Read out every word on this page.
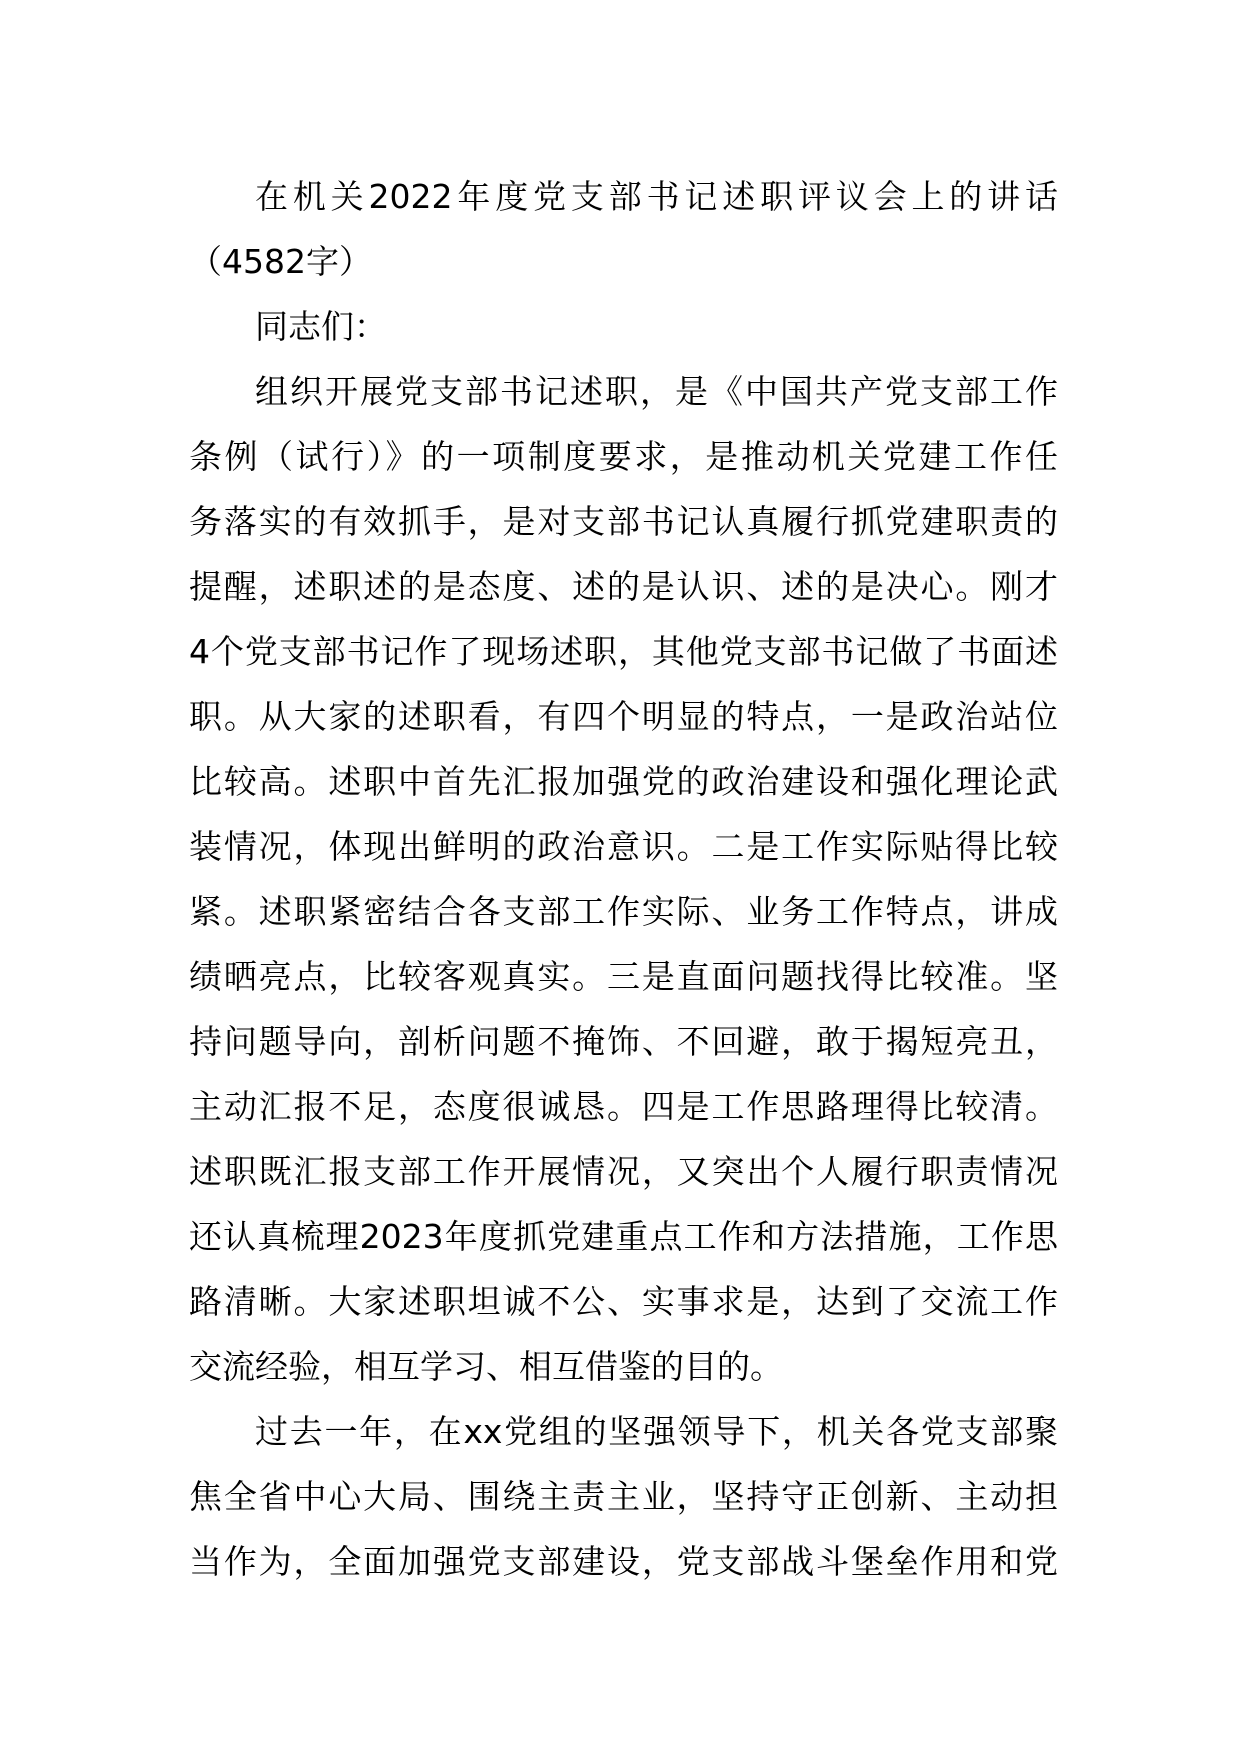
在机关2022年度党支部书记述职评议会上的讲话
（4582字）
同志们：
组织开展党支部书记述职，是《中国共产党支部工作
条例（试行）》的一项制度要求，是推动机关党建工作任
务落实的有效抓手，是对支部书记认真履行抓党建职责的
提醒，述职述的是态度、述的是认识、述的是决心。刚才
4个党支部书记作了现场述职，其他党支部书记做了书面述
职。从大家的述职看，有四个明显的特点，一是政治站位
比较高。述职中首先汇报加强党的政治建设和强化理论武
装情况，体现出鲜明的政治意识。二是工作实际贴得比较
紧。述职紧密结合各支部工作实际、业务工作特点，讲成
绩晒亮点，比较客观真实。三是直面问题找得比较准。坚
持问题导向，剖析问题不掩饰、不回避，敢于揭短亮丑，
主动汇报不足，态度很诚恳。四是工作思路理得比较清。
述职既汇报支部工作开展情况，又突出个人履行职责情况
还认真梳理2023年度抓党建重点工作和方法措施，工作思
路清晰。大家述职坦诚不公、实事求是，达到了交流工作
交流经验，相互学习、相互借鉴的目的。
过去一年，在xx党组的坚强领导下，机关各党支部聚
焦全省中心大局、围绕主责主业，坚持守正创新、主动担
当作为，全面加强党支部建设，党支部战斗堡垒作用和党
